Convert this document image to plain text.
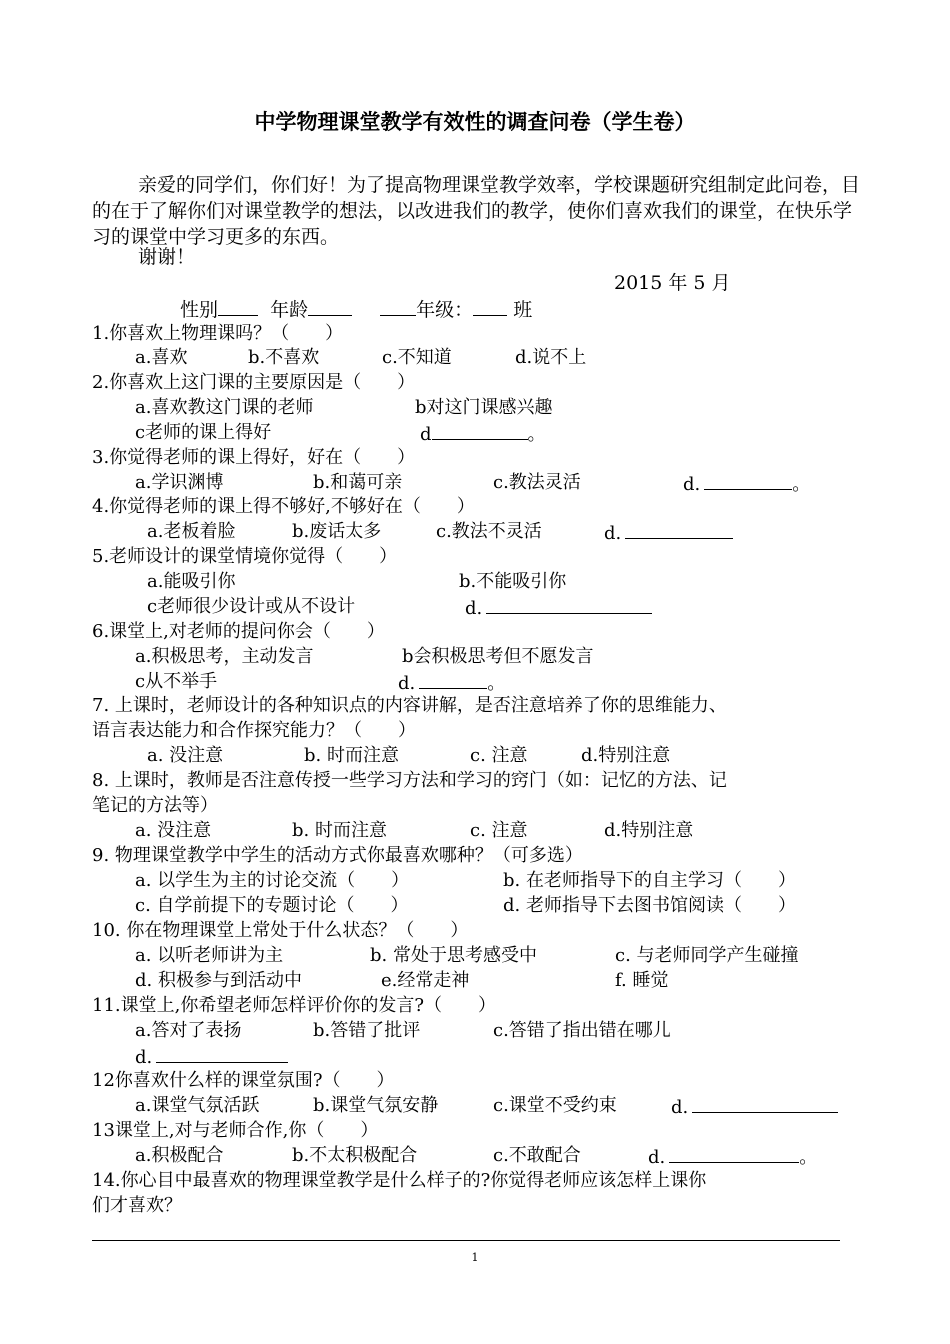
中学物理课堂教学有效性的调查问卷（学生卷）
亲爱的同学们，你们好！为了提高物理课堂教学效率，学校课题研究组制定此问卷，目的在于了解你们对课堂教学的想法，以改进我们的教学，使你们喜欢我们的课堂，在快乐学习的课堂中学习更多的东西。
谢谢！
2015 年 5 月
性别	年龄	年级： 班
1.你喜欢上物理课吗？（　　）
a.喜欢	b.不喜欢	c.不知道	d.说不上
2.你喜欢上这门课的主要原因是（　　）
a.喜欢教这门课的老师	b对这门课感兴趣
c老师的课上得好	d	。
3.你觉得老师的课上得好，好在（　　）
a.学识渊博	b.和蔼可亲	c.教法灵活	d.	。
4.你觉得老师的课上得不够好,不够好在（　　）
a.老板着脸	b.废话太多	c.教法不灵活	d.
5.老师设计的课堂情境你觉得（　　）
a.能吸引你	b.不能吸引你
c老师很少设计或从不设计	d.
6.课堂上,对老师的提问你会（　　）
a.积极思考，主动发言	b会积极思考但不愿发言
c从不举手	d.	。
7. 上课时，老师设计的各种知识点的内容讲解，是否注意培养了你的思维能力、
语言表达能力和合作探究能力？（　　）
a. 没注意	b. 时而注意	c. 注意	d.特别注意
8. 上课时，教师是否注意传授一些学习方法和学习的窍门（如：记忆的方法、记
笔记的方法等）
a. 没注意	b. 时而注意	c. 注意	d.特别注意
9. 物理课堂教学中学生的活动方式你最喜欢哪种？（可多选）
a. 以学生为主的讨论交流（　　）	b. 在老师指导下的自主学习（　　）
c. 自学前提下的专题讨论（　　）	d. 老师指导下去图书馆阅读（　　）
10. 你在物理课堂上常处于什么状态？（　　）
a. 以听老师讲为主	b. 常处于思考感受中	c. 与老师同学产生碰撞
d. 积极参与到活动中	e.经常走神	f. 睡觉
11.课堂上,你希望老师怎样评价你的发言?（　　）
a.答对了表扬	b.答错了批评	c.答错了指出错在哪儿
d.
12你喜欢什么样的课堂氛围?（　　）
a.课堂气氛活跃	b.课堂气氛安静	c.课堂不受约束	d.
13课堂上,对与老师合作,你（　　）
a.积极配合	b.不太积极配合	c.不敢配合	d.	。
14.你心目中最喜欢的物理课堂教学是什么样子的?你觉得老师应该怎样上课你
们才喜欢？
1
